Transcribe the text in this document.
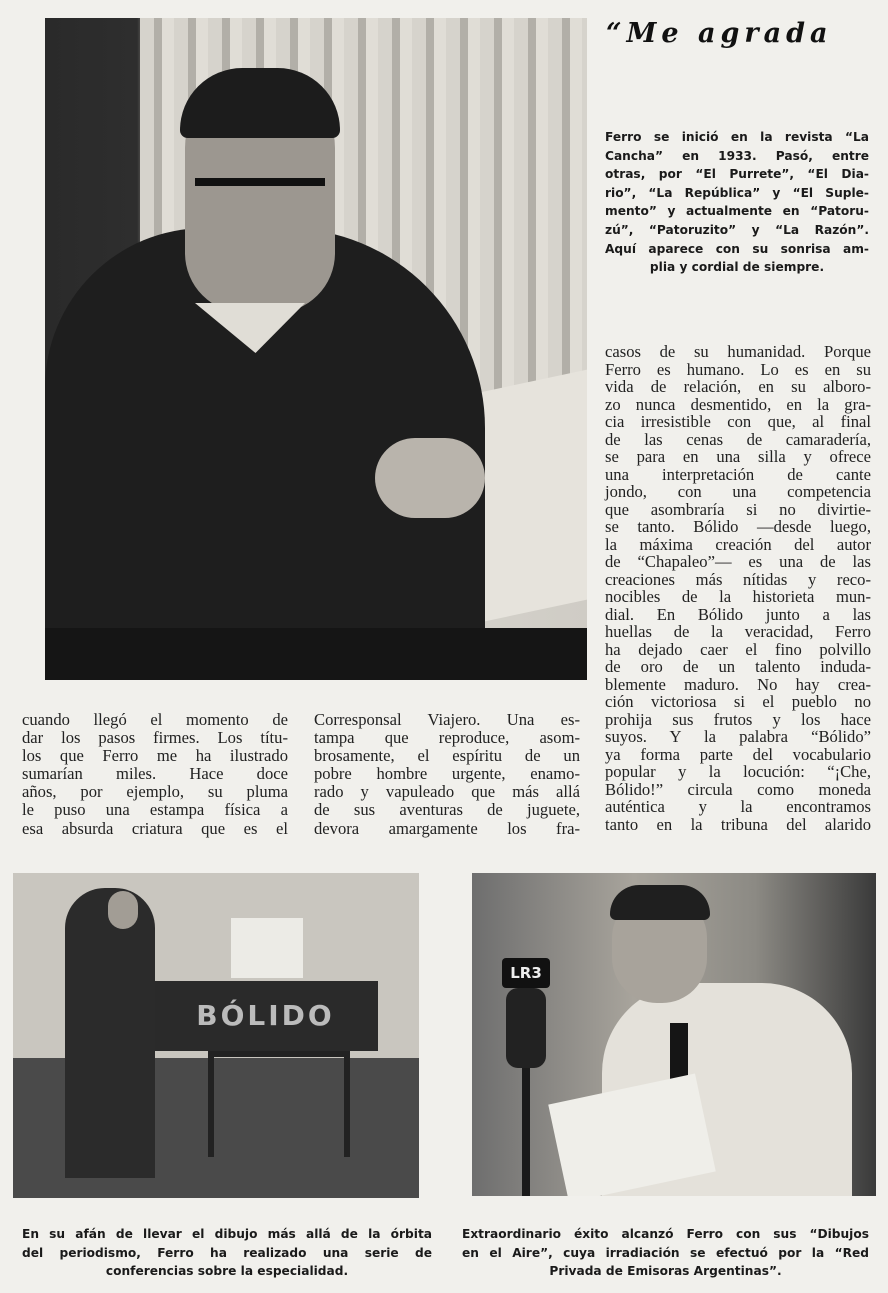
“Me agrada
Ferro se inició en la revista “La
Cancha” en 1933. Pasó, entre
otras, por “El Purrete”, “El Dia-
rio”, “La República” y “El Suple-
mento” y actualmente en “Patoru-
zú”, “Patoruzito” y “La Razón”.
Aquí aparece con su sonrisa am-
plia y cordial de siempre.
casos de su humanidad. Porque
Ferro es humano. Lo es en su
vida de relación, en su alboro-
zo nunca desmentido, en la gra-
cia irresistible con que, al final
de las cenas de camaradería,
se para en una silla y ofrece
una interpretación de cante
jondo, con una competencia
que asombraría si no divirtie-
se tanto. Bólido —desde luego,
la máxima creación del autor
de “Chapaleo”— es una de las
creaciones más nítidas y reco-
nocibles de la historieta mun-
dial. En Bólido junto a las
huellas de la veracidad, Ferro
ha dejado caer el fino polvillo
de oro de un talento induda-
blemente maduro. No hay crea-
ción victoriosa si el pueblo no
prohija sus frutos y los hace
suyos. Y la palabra “Bólido”
ya forma parte del vocabulario
popular y la locución: “¡Che,
Bólido!” circula como moneda
auténtica y la encontramos
tanto en la tribuna del alarido
cuando llegó el momento de
dar los pasos firmes. Los títu-
los que Ferro me ha ilustrado
sumarían miles. Hace doce
años, por ejemplo, su pluma
le puso una estampa física a
esa absurda criatura que es el
Corresponsal Viajero. Una es-
tampa que reproduce, asom-
brosamente, el espíritu de un
pobre hombre urgente, enamo-
rado y vapuleado que más allá
de sus aventuras de juguete,
devora amargamente los fra-
BÓLIDO
LR3
En su afán de llevar el dibujo más allá de la órbita
del periodismo, Ferro ha realizado una serie de
conferencias sobre la especialidad.
Extraordinario éxito alcanzó Ferro con sus “Dibujos
en el Aire”, cuya irradiación se efectuó por la “Red
Privada de Emisoras Argentinas”.
